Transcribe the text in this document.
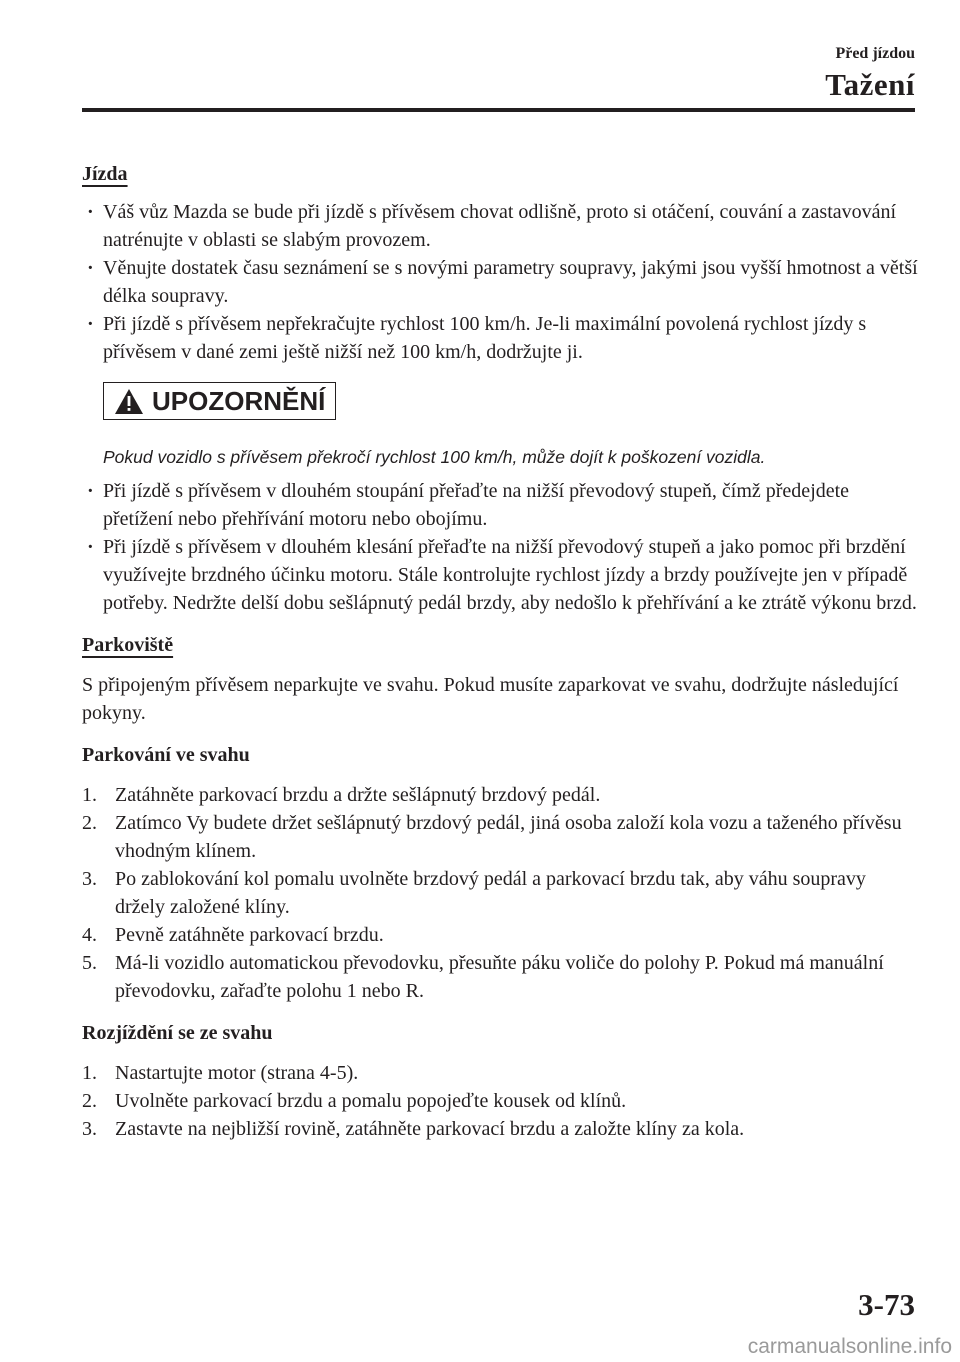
Před jízdou
Tažení
Jízda
· Váš vůz Mazda se bude při jízdě s přívěsem chovat odlišně, proto si otáčení, couvání a zastavování natrénujte v oblasti se slabým provozem.
· Věnujte dostatek času seznámení se s novými parametry soupravy, jakými jsou vyšší hmotnost a větší délka soupravy.
· Při jízdě s přívěsem nepřekračujte rychlost 100 km/h. Je-li maximální povolená rychlost jízdy s přívěsem v dané zemi ještě nižší než 100 km/h, dodržujte ji.
UPOZORNĚNÍ
Pokud vozidlo s přívěsem překročí rychlost 100 km/h, může dojít k poškození vozidla.
· Při jízdě s přívěsem v dlouhém stoupání přeřaďte na nižší převodový stupeň, čímž předejdete přetížení nebo přehřívání motoru nebo obojímu.
· Při jízdě s přívěsem v dlouhém klesání přeřaďte na nižší převodový stupeň a jako pomoc při brzdění využívejte brzdného účinku motoru. Stále kontrolujte rychlost jízdy a brzdy používejte jen v případě potřeby. Nedržte delší dobu sešlápnutý pedál brzdy, aby nedošlo k přehřívání a ke ztrátě výkonu brzd.
Parkoviště

S připojeným přívěsem neparkujte ve svahu. Pokud musíte zaparkovat ve svahu, dodržujte následující pokyny.

Parkování ve svahu
1. Zatáhněte parkovací brzdu a držte sešlápnutý brzdový pedál.
2. Zatímco Vy budete držet sešlápnutý brzdový pedál, jiná osoba založí kola vozu a taženého přívěsu vhodným klínem.
3. Po zablokování kol pomalu uvolněte brzdový pedál a parkovací brzdu tak, aby váhu soupravy držely založené klíny.
4. Pevně zatáhněte parkovací brzdu.
5. Má-li vozidlo automatickou převodovku, přesuňte páku voliče do polohy P. Pokud má manuální převodovku, zařaďte polohu 1 nebo R.
Rozjíždění se ze svahu
1. Nastartujte motor (strana 4-5).
2. Uvolněte parkovací brzdu a pomalu popojeďte kousek od klínů.
3. Zastavte na nejbližší rovině, zatáhněte parkovací brzdu a založte klíny za kola.
3-73
carmanualsonline.info
